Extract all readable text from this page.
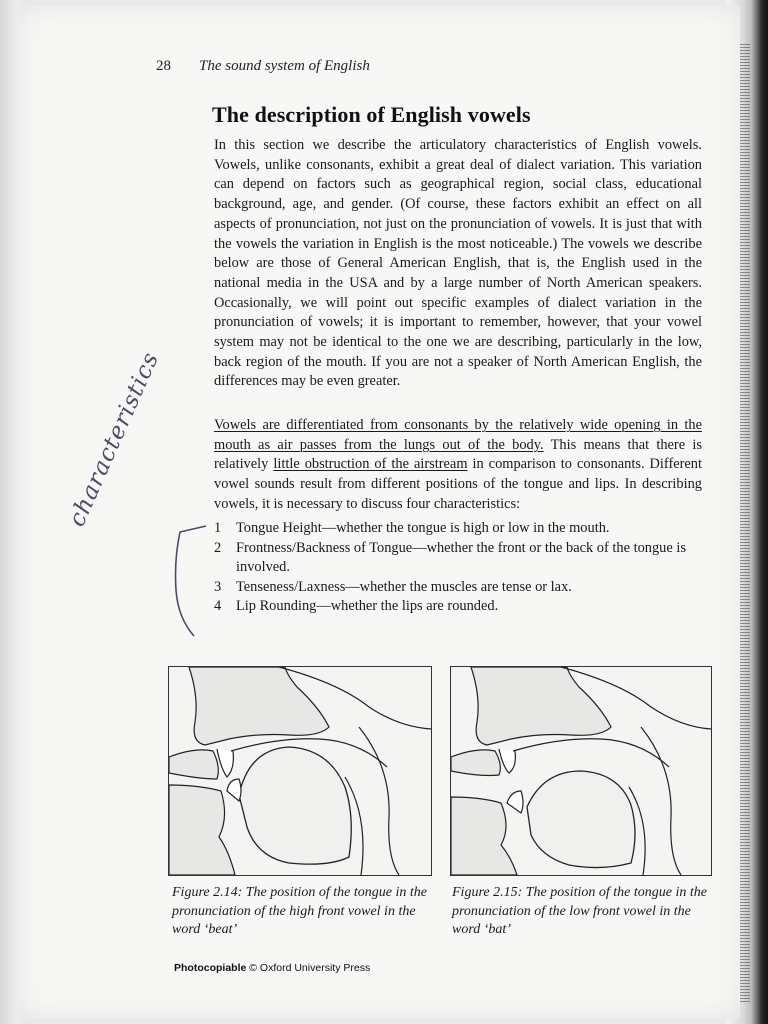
28 The sound system of English
The description of English vowels

In this section we describe the articulatory characteristics of English vowels. Vowels, unlike consonants, exhibit a great deal of dialect variation. This variation can depend on factors such as geographical region, social class, educational background, age, and gender. (Of course, these factors exhibit an effect on all aspects of pronunciation, not just on the pronunciation of vowels. It is just that with the vowels the variation in English is the most noticeable.) The vowels we describe below are those of General American English, that is, the English used in the national media in the USA and by a large number of North American speakers. Occasionally, we will point out specific examples of dialect variation in the pronunciation of vowels; it is important to remember, however, that your vowel system may not be identical to the one we are describing, particularly in the low, back region of the mouth. If you are not a speaker of North American English, the differences may be even greater.

Vowels are differentiated from consonants by the relatively wide opening in the mouth as air passes from the lungs out of the body. This means that there is relatively little obstruction of the airstream in comparison to consonants. Different vowel sounds result from different positions of the tongue and lips. In describing vowels, it is necessary to discuss four characteristics:

1 Tongue Height—whether the tongue is high or low in the mouth.
2 Frontness/Backness of Tongue—whether the front or the back of the tongue is involved.
3 Tenseness/Laxness—whether the muscles are tense or lax.
4 Lip Rounding—whether the lips are rounded.
characteristics
Figure 2.14: The position of the tongue in the pronunciation of the high front vowel in the word ‘beat’
Figure 2.15: The position of the tongue in the pronunciation of the low front vowel in the word ‘bat’
Photocopiable © Oxford University Press
